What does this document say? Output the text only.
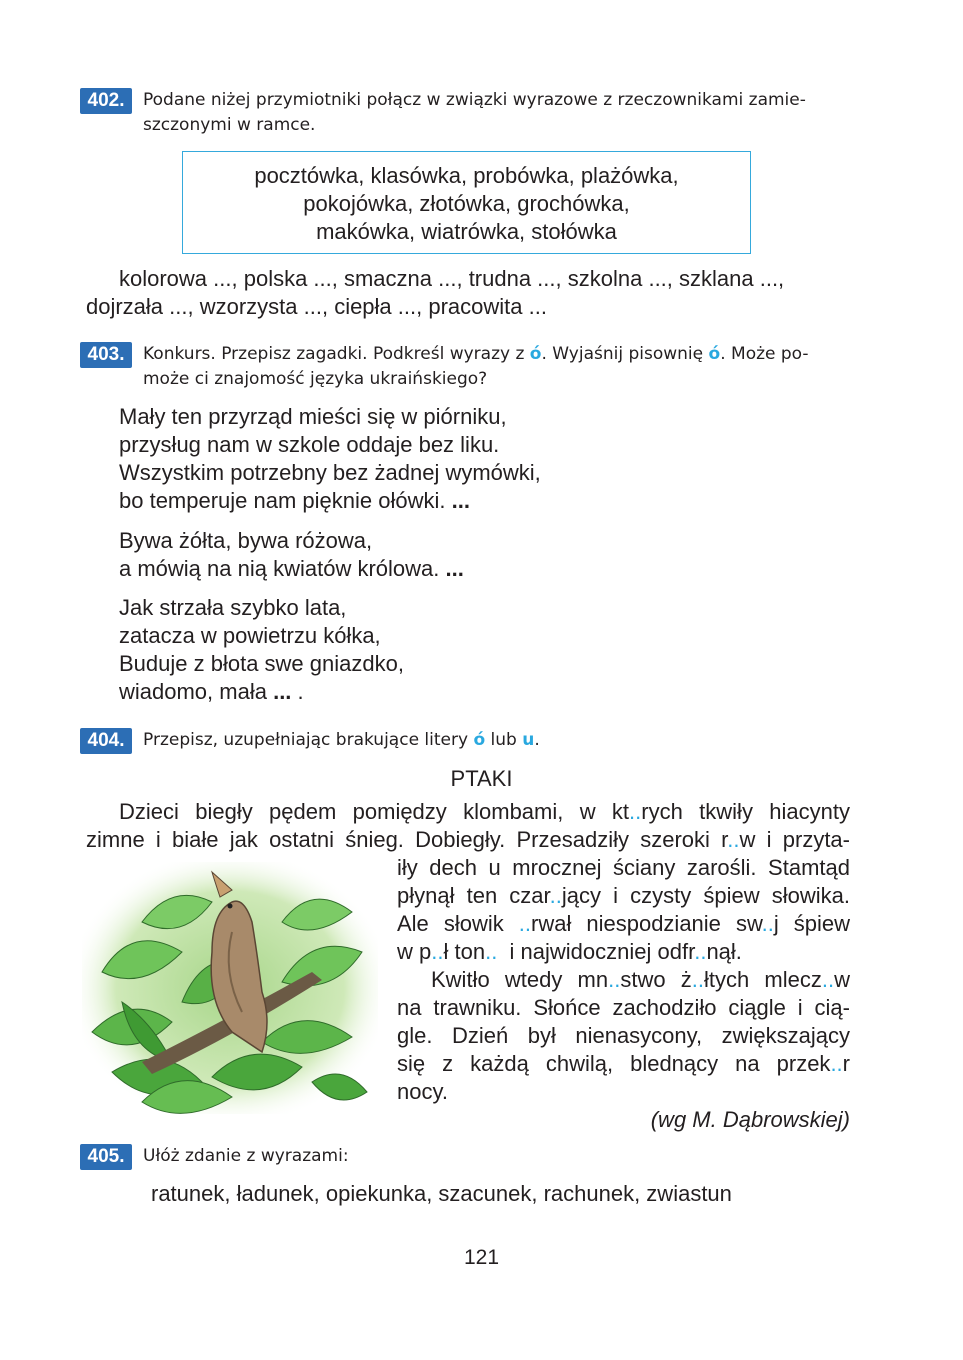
402.	Podane niżej przymiotniki połącz w związki wyrazowe z rzeczownikami zamie-
szczonymi w ramce.
pocztówka, klasówka, probówka, plażówka,
pokojówka, złotówka, grochówka,
makówka, wiatrówka, stołówka
kolorowa ..., polska ..., smaczna ..., trudna ..., szkolna ..., szklana ...,
dojrzała ..., wzorzysta ..., ciepła ..., pracowita ...
403.	Konkurs. Przepisz zagadki. Podkreśl wyrazy z ó. Wyjaśnij pisownię ó. Może po-
może ci znajomość języka ukraińskiego?
Mały ten przyrząd mieści się w piórniku,
przysług nam w szkole oddaje bez liku.
Wszystkim potrzebny bez żadnej wymówki,
bo temperuje nam pięknie ołówki. ...
Bywa żółta, bywa różowa,
a mówią na nią kwiatów królowa. ...
Jak strzała szybko lata,
zatacza w powietrzu kółka,
Buduje z błota swe gniazdko,
wiadomo, mała ... .
404.	Przepisz, uzupełniając brakujące litery ó lub u.
PTAKI
Dzieci biegły pędem pomiędzy klombami, w kt..rych tkwiły hiacynty
zimne i białe jak ostatni śnieg. Dobiegły. Przesadziły szeroki r..w i przyta-
iły dech u mrocznej ściany zarośli. Stamtąd
płynął ten czar..jący i czysty śpiew słowika.
Ale słowik ..rwał niespodzianie sw..j śpiew
w p..ł ton..  i najwidoczniej odfr..nął.
Kwitło wtedy mn..stwo ż..łtych mlecz..w
na trawniku. Słońce zachodziło ciągle i cią-
gle. Dzień był nienasycony, zwiększający
się z każdą chwilą, blednący na przek..r
nocy.
(wg M. Dąbrowskiej)
405.	Ułóż zdanie z wyrazami:
ratunek, ładunek, opiekunka, szacunek, rachunek, zwiastun
121
